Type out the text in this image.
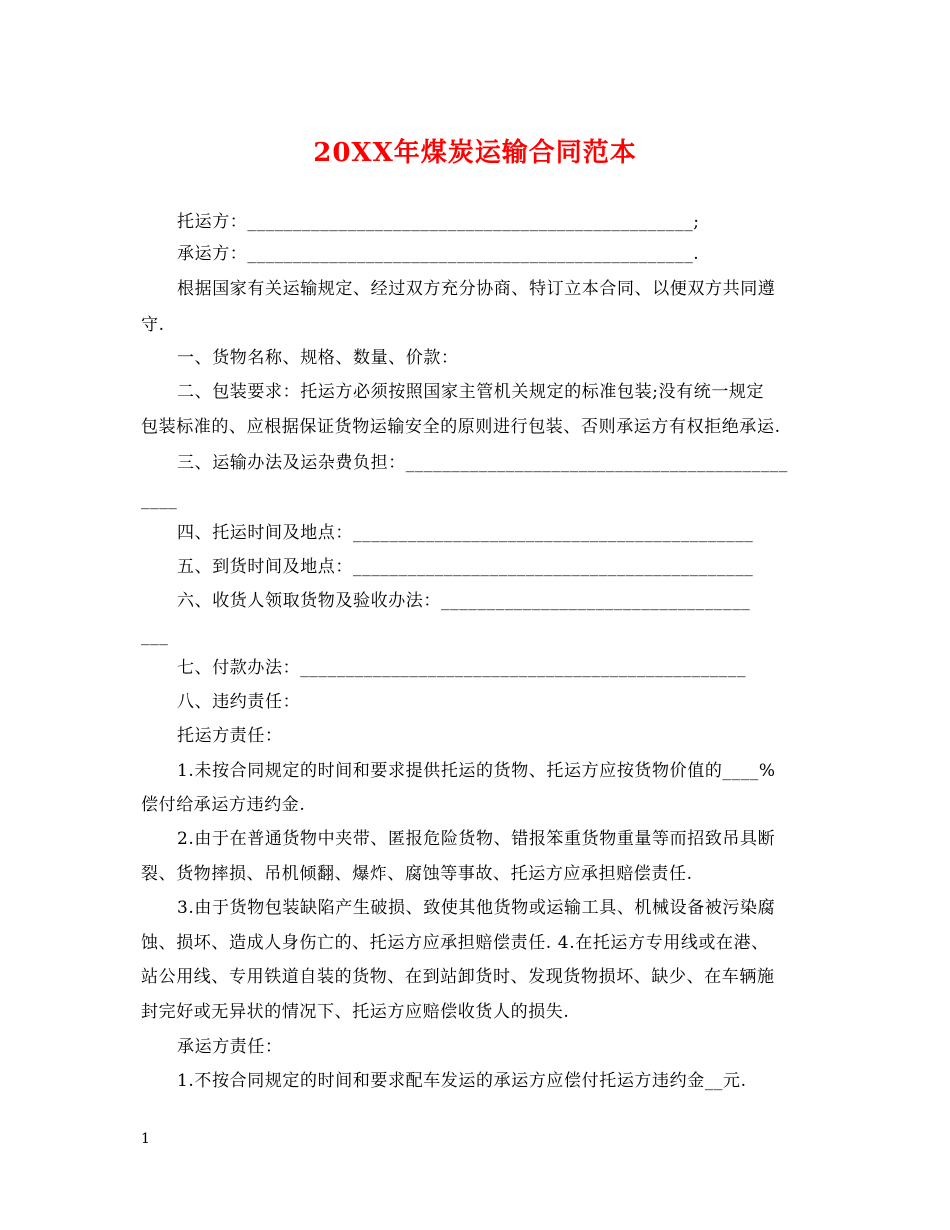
20XX年煤炭运输合同范本
托运方：_________________________________________________;
承运方：_________________________________________________.
根据国家有关运输规定、经过双方充分协商、特订立本合同、以便双方共同遵
守.
一、货物名称、规格、数量、价款：
二、包装要求：托运方必须按照国家主管机关规定的标准包装;没有统一规定
包装标准的、应根据保证货物运输安全的原则进行包装、否则承运方有权拒绝承运.
三、运输办法及运杂费负担：__________________________________________
____
四、托运时间及地点：____________________________________________
五、到货时间及地点：____________________________________________
六、收货人领取货物及验收办法：__________________________________
___
七、付款办法：_________________________________________________
八、违约责任：
托运方责任：
1.未按合同规定的时间和要求提供托运的货物、托运方应按货物价值的____%
偿付给承运方违约金.
2.由于在普通货物中夹带、匿报危险货物、错报笨重货物重量等而招致吊具断
裂、货物摔损、吊机倾翻、爆炸、腐蚀等事故、托运方应承担赔偿责任.
3.由于货物包装缺陷产生破损、致使其他货物或运输工具、机械设备被污染腐
蚀、损坏、造成人身伤亡的、托运方应承担赔偿责任. 4.在托运方专用线或在港、
站公用线、专用铁道自装的货物、在到站卸货时、发现货物损坏、缺少、在车辆施
封完好或无异状的情况下、托运方应赔偿收货人的损失.
承运方责任：
1.不按合同规定的时间和要求配车发运的承运方应偿付托运方违约金__元.
1
